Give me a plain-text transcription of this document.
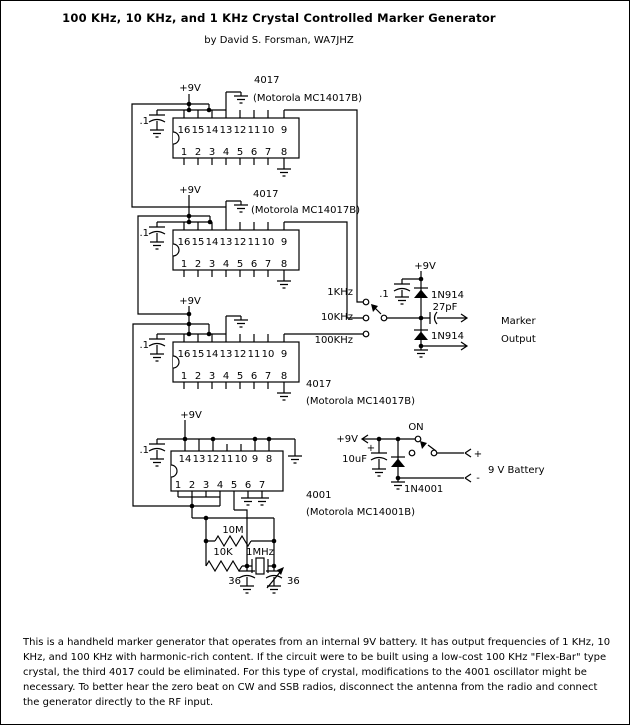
100 KHz, 10 KHz, and 1 KHz Crystal Controlled Marker Generator
by David S. Forsman, WA7JHZ
+9V
.1
4017
(Motorola MC14017B)
16 15 14 13 12 11 10 9
1 2 3 4 5 6 7 8
+9V
.1
4017
(Motorola MC14017B)
16 15 14 13 12 11 10 9
1 2 3 4 5 6 7 8
+9V
.1
4017
(Motorola MC14017B)
16 15 14 13 12 11 10 9
1 2 3 4 5 6 7 8
+9V
.1
4001
(Motorola MC14001B)
10M
10K 1MHz
36	36
14 13 12 11 10 9 8
1 2 3 4 5 6 7
1KHz
10KHz
100KHz
+9V
.1	1N914
1N914
27pF
Marker
Output
+9V
ON
+
10uF
1N4001
+
-
9 V Battery
This is a handheld marker generator that operates from an internal 9V battery. It has output frequencies of 1 KHz, 10 KHz, and 100 KHz with harmonic-rich content. If the circuit were to be built using a low-cost 100 KHz "Flex-Bar" type crystal, the third 4017 could be eliminated. For this type of crystal, modifications to the 4001 oscillator might be necessary. To better hear the zero beat on CW and SSB radios, disconnect the antenna from the radio and connect the generator directly to the RF input.
